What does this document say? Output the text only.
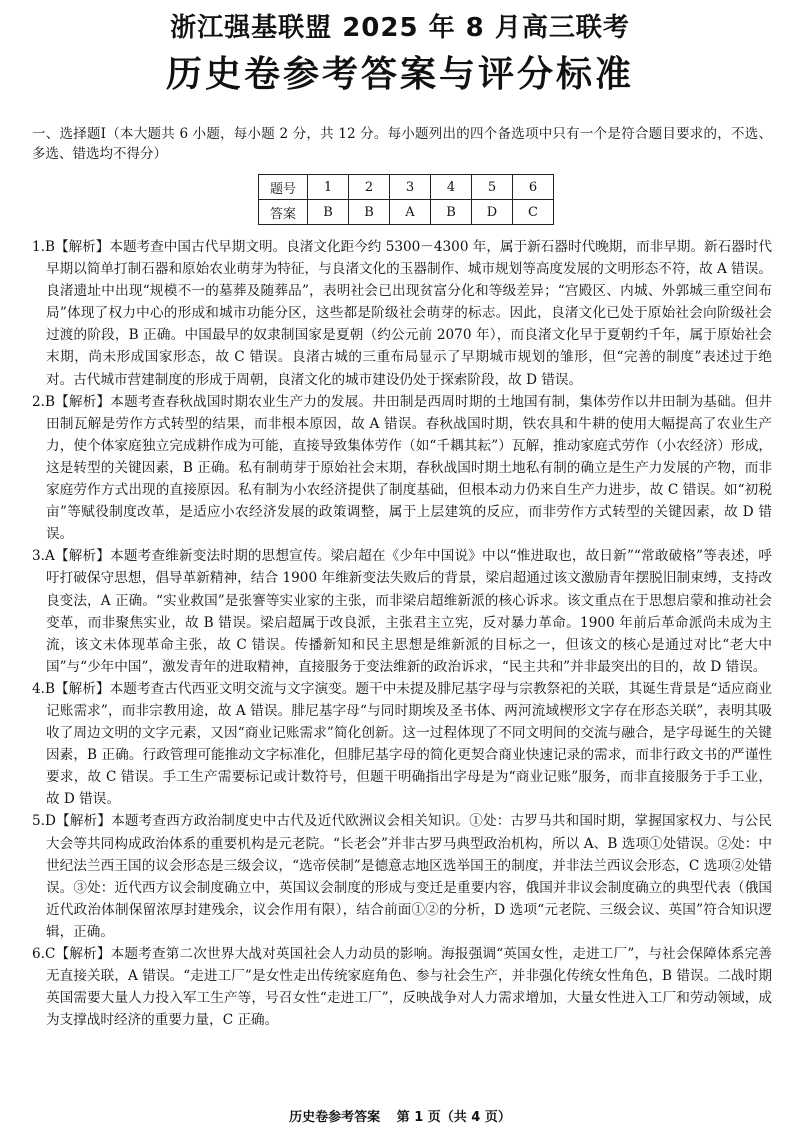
浙江强基联盟 2025 年 8 月高三联考
历史卷参考答案与评分标准
一、选择题Ⅰ（本大题共 6 小题，每小题 2 分，共 12 分。每小题列出的四个备选项中只有一个是符合题目要求的，不选、多选、错选均不得分）
题号	1	2	3	4	5	6
答案	B	B	A	B	D	C

1.B【解析】本题考查中国古代早期文明。良渚文化距今约 5300－4300 年，属于新石器时代晚期，而非早期。新石器时代早期以简单打制石器和原始农业萌芽为特征，与良渚文化的玉器制作、城市规划等高度发展的文明形态不符，故 A 错误。良渚遗址中出现“规模不一的墓葬及随葬品”，表明社会已出现贫富分化和等级差异；“宫殿区、内城、外郭城三重空间布局”体现了权力中心的形成和城市功能分区，这些都是阶级社会萌芽的标志。因此，良渚文化已处于原始社会向阶级社会过渡的阶段，B 正确。中国最早的奴隶制国家是夏朝（约公元前 2070 年），而良渚文化早于夏朝约千年，属于原始社会末期，尚未形成国家形态，故 C 错误。良渚古城的三重布局显示了早期城市规划的雏形，但“完善的制度”表述过于绝对。古代城市营建制度的形成于周朝，良渚文化的城市建设仍处于探索阶段，故 D 错误。

2.B【解析】本题考查春秋战国时期农业生产力的发展。井田制是西周时期的土地国有制，集体劳作以井田制为基础。但井田制瓦解是劳作方式转型的结果，而非根本原因，故 A 错误。春秋战国时期，铁农具和牛耕的使用大幅提高了农业生产力，使个体家庭独立完成耕作成为可能，直接导致集体劳作（如“千耦其耘”）瓦解，推动家庭式劳作（小农经济）形成，这是转型的关键因素，B 正确。私有制萌芽于原始社会末期，春秋战国时期土地私有制的确立是生产力发展的产物，而非家庭劳作方式出现的直接原因。私有制为小农经济提供了制度基础，但根本动力仍来自生产力进步，故 C 错误。如“初税亩”等赋役制度改革，是适应小农经济发展的政策调整，属于上层建筑的反应，而非劳作方式转型的关键因素，故 D 错误。

3.A【解析】本题考查维新变法时期的思想宣传。梁启超在《少年中国说》中以“惟进取也，故日新”“常敢破格”等表述，呼吁打破保守思想，倡导革新精神，结合 1900 年维新变法失败后的背景，梁启超通过该文激励青年摆脱旧制束缚，支持改良变法，A 正确。“实业救国”是张謇等实业家的主张，而非梁启超维新派的核心诉求。该文重点在于思想启蒙和推动社会变革，而非聚焦实业，故 B 错误。梁启超属于改良派，主张君主立宪，反对暴力革命。1900 年前后革命派尚未成为主流，该文未体现革命主张，故 C 错误。传播新知和民主思想是维新派的目标之一，但该文的核心是通过对比“老大中国”与“少年中国”，激发青年的进取精神，直接服务于变法维新的政治诉求，“民主共和”并非最突出的目的，故 D 错误。

4.B【解析】本题考查古代西亚文明交流与文字演变。题干中未提及腓尼基字母与宗教祭祀的关联，其诞生背景是“适应商业记账需求”，而非宗教用途，故 A 错误。腓尼基字母“与同时期埃及圣书体、两河流域楔形文字存在形态关联”，表明其吸收了周边文明的文字元素，又因“商业记账需求”简化创新。这一过程体现了不同文明间的交流与融合，是字母诞生的关键因素，B 正确。行政管理可能推动文字标准化，但腓尼基字母的简化更契合商业快速记录的需求，而非行政文书的严谨性要求，故 C 错误。手工生产需要标记或计数符号，但题干明确指出字母是为“商业记账”服务，而非直接服务于手工业，故 D 错误。

5.D【解析】本题考查西方政治制度史中古代及近代欧洲议会相关知识。①处：古罗马共和国时期，掌握国家权力、与公民大会等共同构成政治体系的重要机构是元老院。“长老会”并非古罗马典型政治机构，所以 A、B 选项①处错误。②处：中世纪法兰西王国的议会形态是三级会议，“选帝侯制”是德意志地区选举国王的制度，并非法兰西议会形态，C 选项②处错误。③处：近代西方议会制度确立中，英国议会制度的形成与变迁是重要内容，俄国并非议会制度确立的典型代表（俄国近代政治体制保留浓厚封建残余，议会作用有限），结合前面①②的分析，D 选项“元老院、三级会议、英国”符合知识逻辑，正确。

6.C【解析】本题考查第二次世界大战对英国社会人力动员的影响。海报强调“英国女性，走进工厂”，与社会保障体系完善无直接关联，A 错误。“走进工厂”是女性走出传统家庭角色、参与社会生产，并非强化传统女性角色，B 错误。二战时期英国需要大量人力投入军工生产等，号召女性“走进工厂”，反映战争对人力需求增加，大量女性进入工厂和劳动领域，成为支撑战时经济的重要力量，C 正确。

历史卷参考答案 第 1 页（共 4 页）
